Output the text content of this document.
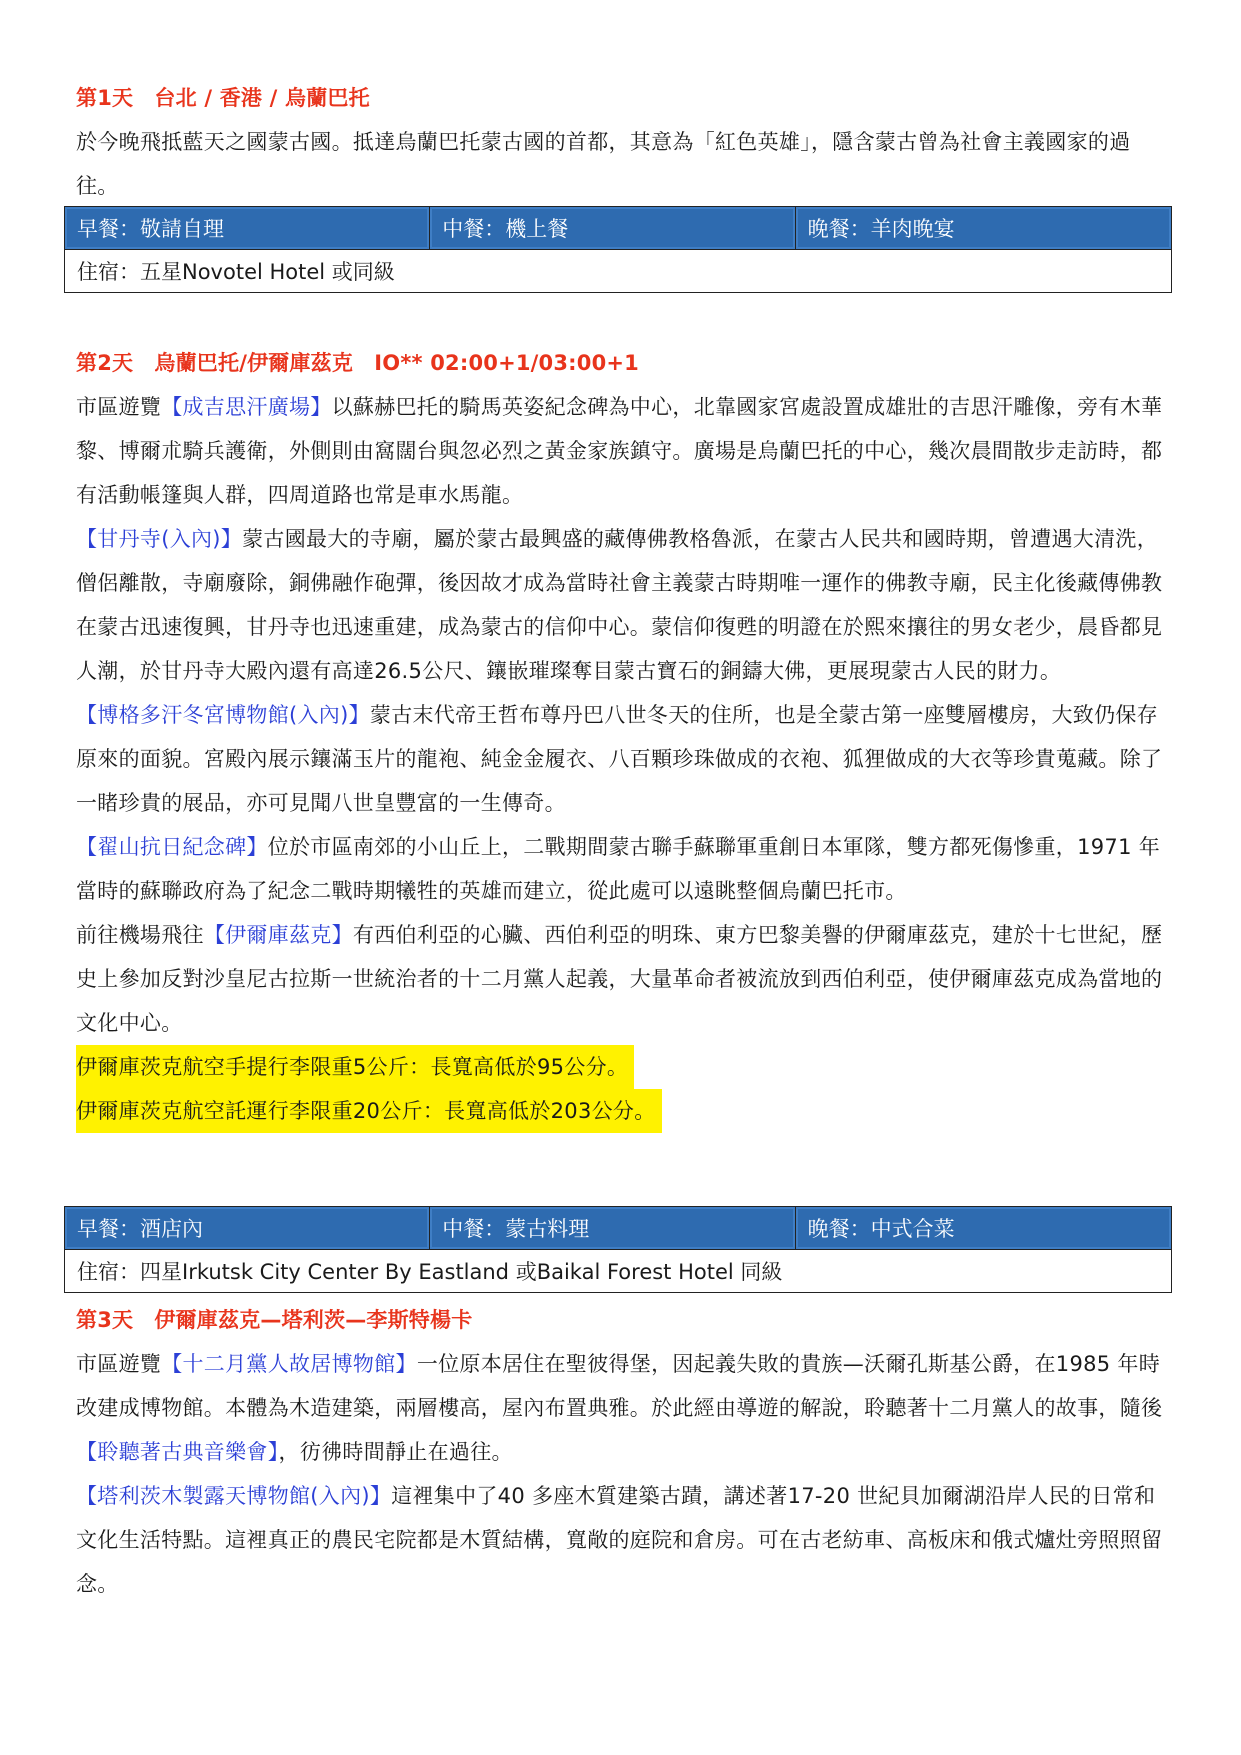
第1天　台北 / 香港 / 烏蘭巴托

於今晚飛抵藍天之國蒙古國。抵達烏蘭巴托蒙古國的首都，其意為「紅色英雄」，隱含蒙古曾為社會主義國家的過往。

早餐：敬請自理	中餐：機上餐	晚餐：羊肉晚宴
住宿：五星Novotel Hotel 或同級
第2天　烏蘭巴托/伊爾庫茲克　IO** 02:00+1/03:00+1

市區遊覽【成吉思汗廣場】以蘇赫巴托的騎馬英姿紀念碑為中心，北靠國家宮處設置成雄壯的吉思汗雕像，旁有木華黎、博爾朮騎兵護衛，外側則由窩闊台與忽必烈之黃金家族鎮守。廣場是烏蘭巴托的中心，幾次晨間散步走訪時，都有活動帳篷與人群，四周道路也常是車水馬龍。

【甘丹寺(入內)】蒙古國最大的寺廟，屬於蒙古最興盛的藏傳佛教格魯派，在蒙古人民共和國時期，曾遭遇大清洗，僧侶離散，寺廟廢除，銅佛融作砲彈，後因故才成為當時社會主義蒙古時期唯一運作的佛教寺廟，民主化後藏傳佛教在蒙古迅速復興，甘丹寺也迅速重建，成為蒙古的信仰中心。蒙信仰復甦的明證在於熙來攘往的男女老少，晨昏都見人潮，於甘丹寺大殿內還有高達26.5公尺、鑲嵌璀璨奪目蒙古寶石的銅鑄大佛，更展現蒙古人民的財力。

【博格多汗冬宮博物館(入內)】蒙古末代帝王哲布尊丹巴八世冬天的住所，也是全蒙古第一座雙層樓房，大致仍保存原來的面貌。宮殿內展示鑲滿玉片的龍袍、純金金履衣、八百顆珍珠做成的衣袍、狐狸做成的大衣等珍貴蒐藏。除了一睹珍貴的展品，亦可見聞八世皇豐富的一生傳奇。

【翟山抗日紀念碑】位於市區南郊的小山丘上，二戰期間蒙古聯手蘇聯軍重創日本軍隊，雙方都死傷慘重，1971 年當時的蘇聯政府為了紀念二戰時期犧牲的英雄而建立，從此處可以遠眺整個烏蘭巴托市。

前往機場飛往【伊爾庫茲克】有西伯利亞的心臟、西伯利亞的明珠、東方巴黎美譽的伊爾庫茲克，建於十七世紀，歷史上參加反對沙皇尼古拉斯一世統治者的十二月黨人起義，大量革命者被流放到西伯利亞，使伊爾庫茲克成為當地的文化中心。

伊爾庫茨克航空手提行李限重5公斤：長寬高低於95公分。

伊爾庫茨克航空託運行李限重20公斤：長寬高低於203公分。

早餐：酒店內	中餐：蒙古料理	晚餐：中式合菜
住宿：四星Irkutsk City Center By Eastland 或Baikal Forest Hotel 同級
第3天　伊爾庫茲克—塔利茨—李斯特楊卡

市區遊覽【十二月黨人故居博物館】一位原本居住在聖彼得堡，因起義失敗的貴族—沃爾孔斯基公爵，在1985 年時改建成博物館。本體為木造建築，兩層樓高，屋內布置典雅。於此經由導遊的解說，聆聽著十二月黨人的故事，隨後【聆聽著古典音樂會】，彷彿時間靜止在過往。

【塔利茨木製露天博物館(入內)】這裡集中了40 多座木質建築古蹟，講述著17-20 世紀貝加爾湖沿岸人民的日常和文化生活特點。這裡真正的農民宅院都是木質結構，寬敞的庭院和倉房。可在古老紡車、高板床和俄式爐灶旁照照留念。
